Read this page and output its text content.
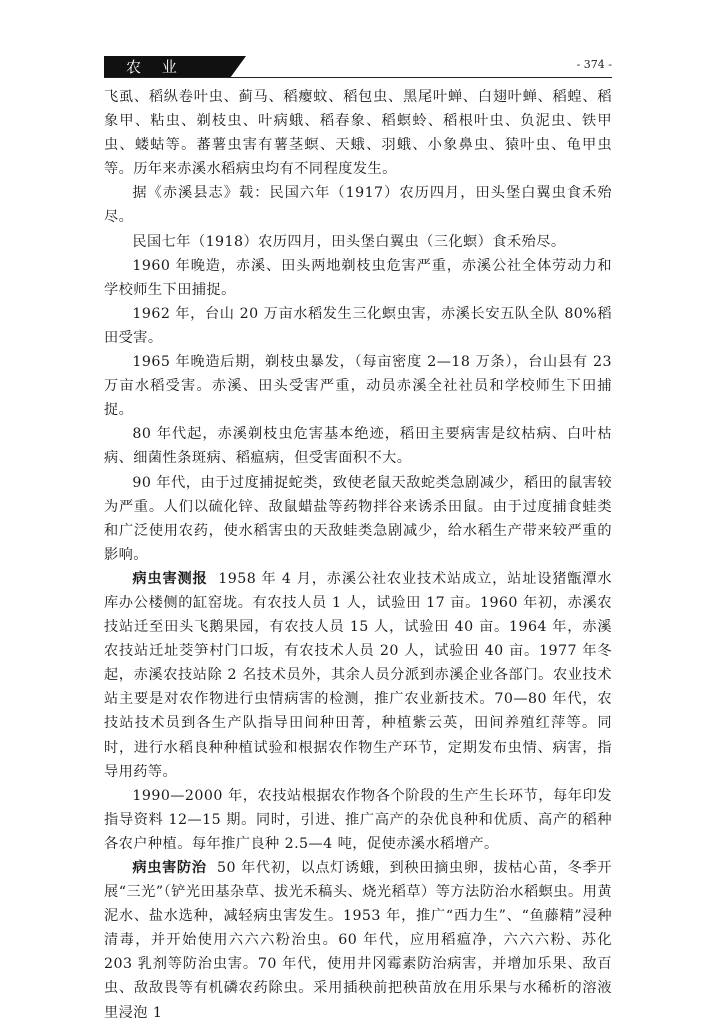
农 业	- 374 -

飞虱、稻纵卷叶虫、蓟马、稻瘿蚊、稻包虫、黑尾叶蝉、白翅叶蝉、稻蝗、稻象甲、粘虫、剃枝虫、叶病蛾、稻春象、稻螟蛉、稻根叶虫、负泥虫、铁甲虫、蝼蛄等。蕃薯虫害有薯茎螟、天蛾、羽蛾、小象鼻虫、猿叶虫、龟甲虫等。历年来赤溪水稻病虫均有不同程度发生。

据《赤溪县志》载：民国六年（1917）农历四月，田头堡白翼虫食禾殆尽。

民国七年（1918）农历四月，田头堡白翼虫（三化螟）食禾殆尽。

1960 年晚造，赤溪、田头两地剃枝虫危害严重，赤溪公社全体劳动力和学校师生下田捕捉。

1962 年，台山 20 万亩水稻发生三化螟虫害，赤溪长安五队全队 80%稻田受害。

1965 年晚造后期，剃枝虫暴发，（每亩密度 2—18 万条），台山县有 23 万亩水稻受害。赤溪、田头受害严重，动员赤溪全社社员和学校师生下田捕捉。

80 年代起，赤溪剃枝虫危害基本绝迹，稻田主要病害是纹枯病、白叶枯病、细菌性条斑病、稻瘟病，但受害面积不大。

90 年代，由于过度捕捉蛇类，致使老鼠天敌蛇类急剧减少，稻田的鼠害较为严重。人们以硫化锌、敌鼠蜡盐等药物拌谷来诱杀田鼠。由于过度捕食蛙类和广泛使用农药，使水稻害虫的天敌蛙类急剧减少，给水稻生产带来较严重的影响。

病虫害测报 1958 年 4 月，赤溪公社农业技术站成立，站址设猪甑潭水库办公楼侧的缸窑垅。有农技人员 1 人，试验田 17 亩。1960 年初，赤溪农技站迁至田头飞鹅果园，有农技人员 15 人，试验田 40 亩。1964 年，赤溪农技站迁址茭笋村门口坂，有农技术人员 20 人，试验田 40 亩。1977 年冬起，赤溪农技站除 2 名技术员外，其余人员分派到赤溪企业各部门。农业技术站主要是对农作物进行虫情病害的检测，推广农业新技术。70—80 年代，农技站技术员到各生产队指导田间种田菁，种植紫云英，田间养殖红萍等。同时，进行水稻良种种植试验和根据农作物生产环节，定期发布虫情、病害，指导用药等。

1990—2000 年，农技站根据农作物各个阶段的生产生长环节，每年印发指导资料 12—15 期。同时，引进、推广高产的杂优良种和优质、高产的稻种各农户种植。每年推广良种 2.5—4 吨，促使赤溪水稻增产。

病虫害防治 50 年代初，以点灯诱蛾，到秧田摘虫卵，拔枯心苗，冬季开展“三光”（铲光田基杂草、拔光禾稿头、烧光稻草）等方法防治水稻螟虫。用黄泥水、盐水选种，减轻病虫害发生。1953 年，推广“西力生”、“鱼藤精”浸种清毒，并开始使用六六六粉治虫。60 年代，应用稻瘟净，六六六粉、苏化 203 乳剂等防治虫害。70 年代，使用井冈霉素防治病害，并增加乐果、敌百虫、敌敌畏等有机磷农药除虫。采用插秧前把秧苗放在用乐果与水稀析的溶液里浸泡 1
